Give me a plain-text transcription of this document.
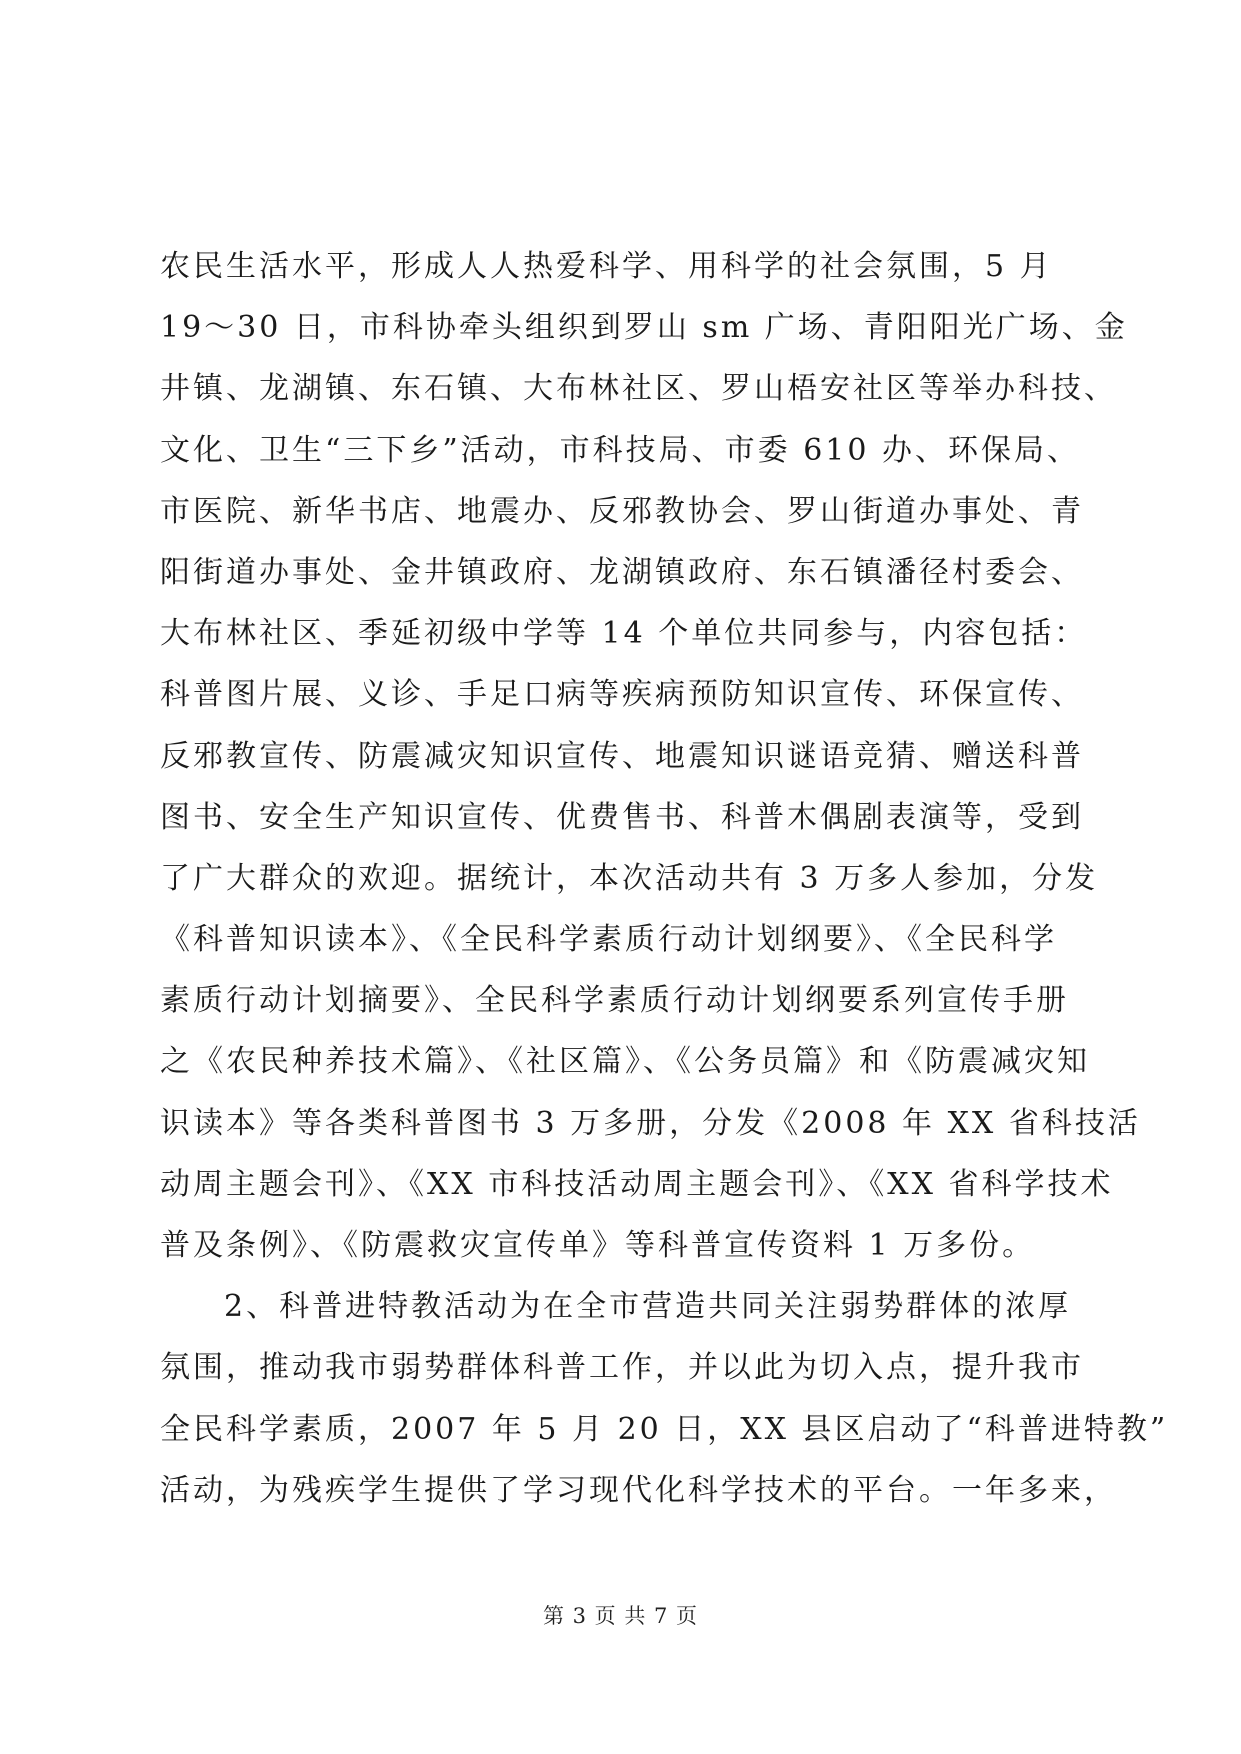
农民生活水平，形成人人热爱科学、用科学的社会氛围，5 月
19～30 日，市科协牵头组织到罗山 sm 广场、青阳阳光广场、金
井镇、龙湖镇、东石镇、大布林社区、罗山梧安社区等举办科技、
文化、卫生“三下乡”活动，市科技局、市委 610 办、环保局、
市医院、新华书店、地震办、反邪教协会、罗山街道办事处、青
阳街道办事处、金井镇政府、龙湖镇政府、东石镇潘径村委会、
大布林社区、季延初级中学等 14 个单位共同参与，内容包括：
科普图片展、义诊、手足口病等疾病预防知识宣传、环保宣传、
反邪教宣传、防震减灾知识宣传、地震知识谜语竞猜、赠送科普
图书、安全生产知识宣传、优费售书、科普木偶剧表演等，受到
了广大群众的欢迎。据统计，本次活动共有 3 万多人参加，分发
《科普知识读本》、《全民科学素质行动计划纲要》、《全民科学
素质行动计划摘要》、全民科学素质行动计划纲要系列宣传手册
之《农民种养技术篇》、《社区篇》、《公务员篇》和《防震减灾知
识读本》等各类科普图书 3 万多册，分发《2008 年 XX 省科技活
动周主题会刊》、《XX 市科技活动周主题会刊》、《XX 省科学技术
普及条例》、《防震救灾宣传单》等科普宣传资料 1 万多份。
2、科普进特教活动为在全市营造共同关注弱势群体的浓厚
氛围，推动我市弱势群体科普工作，并以此为切入点，提升我市
全民科学素质，2007 年 5 月 20 日，XX 县区启动了“科普进特教”
活动，为残疾学生提供了学习现代化科学技术的平台。一年多来，
第 3 页 共 7 页
